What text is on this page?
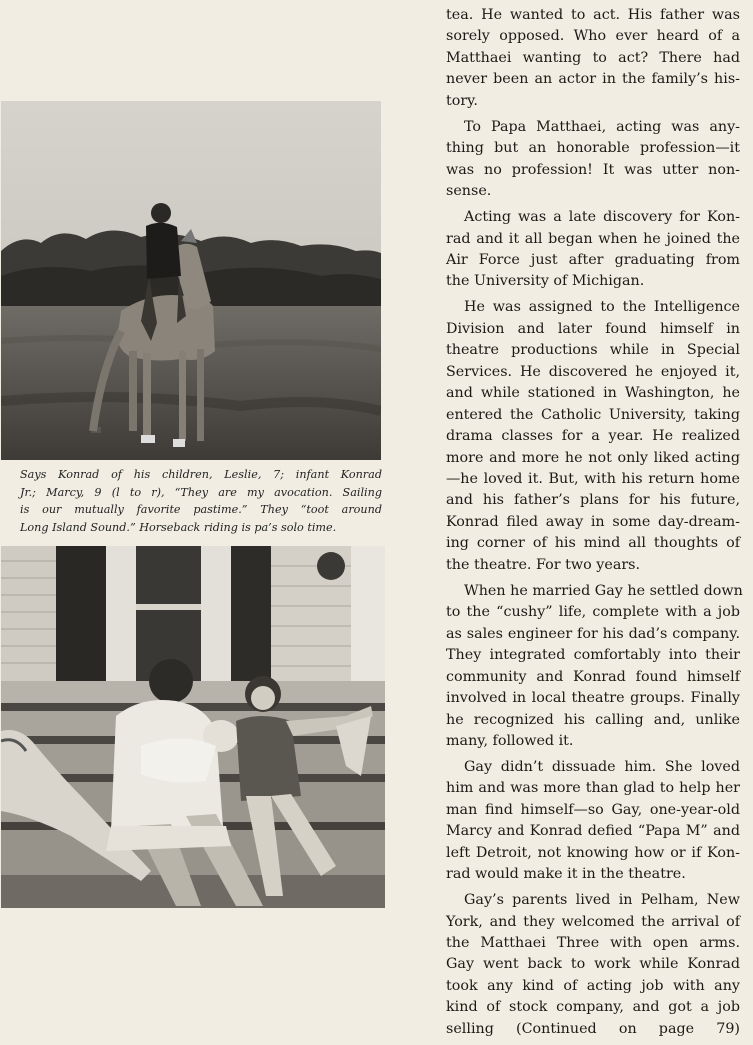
Says Konrad of his children, Leslie, 7; infant Konrad
Jr.; Marcy, 9 (l to r), “They are my avocation. Sailing
is our mutually favorite pastime.” They “toot around
Long Island Sound.” Horseback riding is pa’s solo time.

tea. He wanted to act. His father was
sorely opposed. Who ever heard of a
Matthaei wanting to act? There had
never been an actor in the family’s his-
tory.

To Papa Matthaei, acting was any-
thing but an honorable profession—it
was no profession! It was utter non-
sense.

Acting was a late discovery for Kon-
rad and it all began when he joined the
Air Force just after graduating from
the University of Michigan.

He was assigned to the Intelligence
Division and later found himself in
theatre productions while in Special
Services. He discovered he enjoyed it,
and while stationed in Washington, he
entered the Catholic University, taking
drama classes for a year. He realized
more and more he not only liked acting
—he loved it. But, with his return home
and his father’s plans for his future,
Konrad filed away in some day-dream-
ing corner of his mind all thoughts of
the theatre. For two years.

When he married Gay he settled down
to the “cushy” life, complete with a job
as sales engineer for his dad’s company.
They integrated comfortably into their
community and Konrad found himself
involved in local theatre groups. Finally
he recognized his calling and, unlike
many, followed it.

Gay didn’t dissuade him. She loved
him and was more than glad to help her
man find himself—so Gay, one-year-old
Marcy and Konrad defied “Papa M” and
left Detroit, not knowing how or if Kon-
rad would make it in the theatre.

Gay’s parents lived in Pelham, New
York, and they welcomed the arrival of
the Matthaei Three with open arms.
Gay went back to work while Konrad
took any kind of acting job with any
kind of stock company, and got a job
selling (Continued on page 79)
